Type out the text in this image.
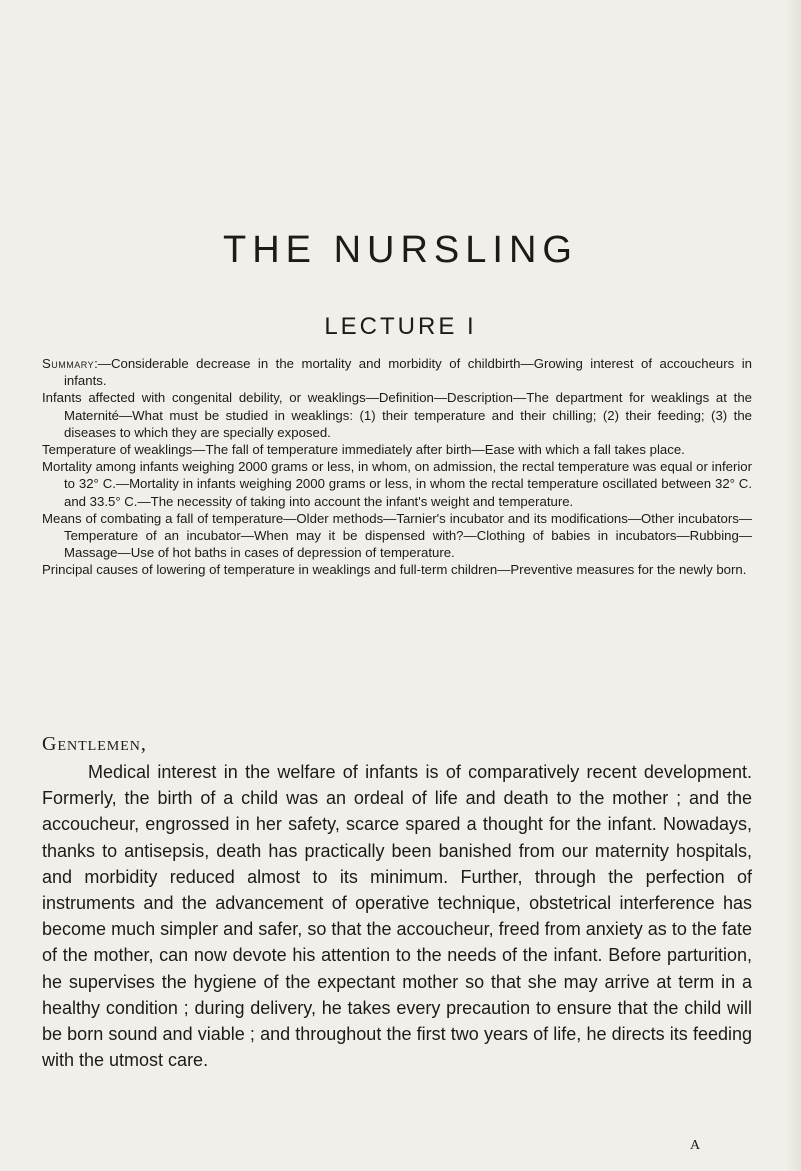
THE NURSLING
LECTURE I

Summary:—Considerable decrease in the mortality and morbidity of childbirth—Growing interest of accoucheurs in infants.

Infants affected with congenital debility, or weaklings—Definition—Description—The department for weaklings at the Maternité—What must be studied in weaklings: (1) their temperature and their chilling; (2) their feeding; (3) the diseases to which they are specially exposed.

Temperature of weaklings—The fall of temperature immediately after birth—Ease with which a fall takes place.

Mortality among infants weighing 2000 grams or less, in whom, on admission, the rectal temperature was equal or inferior to 32° C.—Mortality in infants weighing 2000 grams or less, in whom the rectal temperature oscillated between 32° C. and 33.5° C.—The necessity of taking into account the infant's weight and temperature.

Means of combating a fall of temperature—Older methods—Tarnier's incubator and its modifications—Other incubators—Temperature of an incubator—When may it be dispensed with?—Clothing of babies in incubators—Rubbing—Massage—Use of hot baths in cases of depression of temperature.

Principal causes of lowering of temperature in weaklings and full-term children—Preventive measures for the newly born.

Gentlemen,

Medical interest in the welfare of infants is of comparatively recent development. Formerly, the birth of a child was an ordeal of life and death to the mother ; and the accoucheur, engrossed in her safety, scarce spared a thought for the infant. Nowadays, thanks to antisepsis, death has practically been banished from our maternity hospitals, and morbidity reduced almost to its minimum. Further, through the perfection of instruments and the advancement of operative technique, obstetrical interference has become much simpler and safer, so that the accoucheur, freed from anxiety as to the fate of the mother, can now devote his attention to the needs of the infant. Before parturition, he supervises the hygiene of the expectant mother so that she may arrive at term in a healthy condition ; during delivery, he takes every precaution to ensure that the child will be born sound and viable ; and throughout the first two years of life, he directs its feeding with the utmost care.

A
